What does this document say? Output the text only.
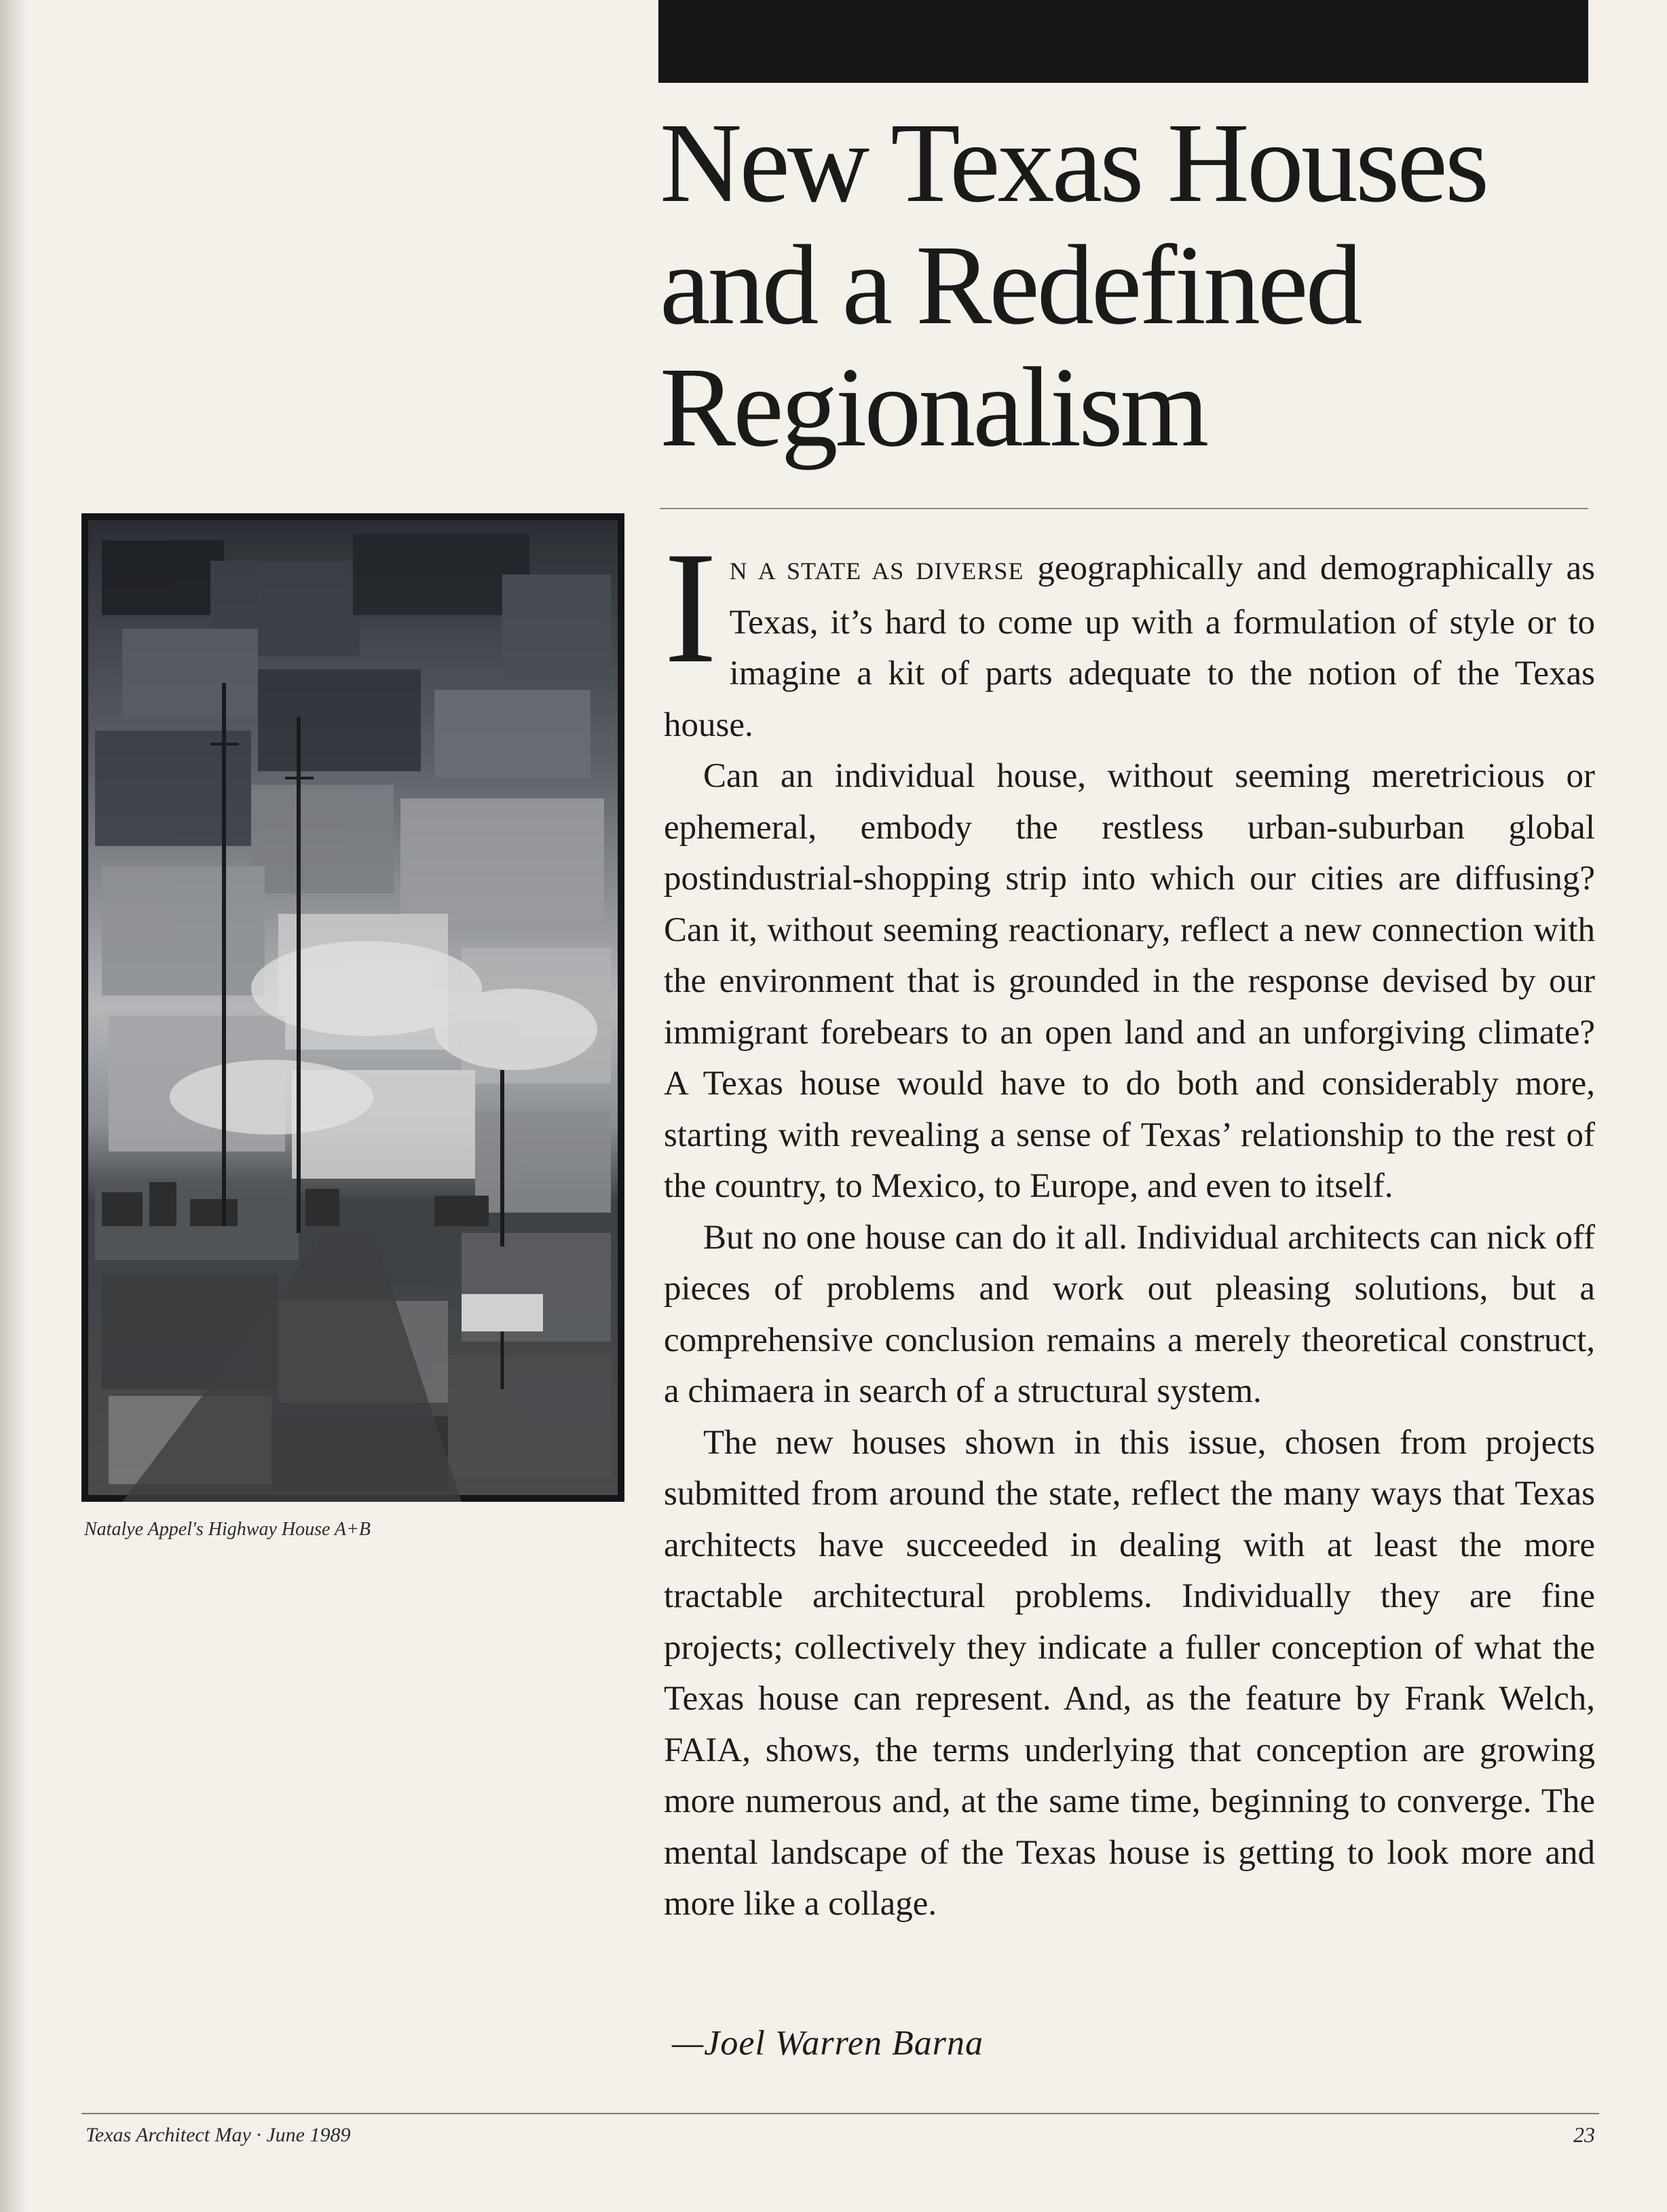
New Texas Houses
and a Redefined
Regionalism
Natalye Appel's Highway House A+B

I N A STATE AS DIVERSE geographically and demographically as Texas, it’s hard to come up with a formulation of style or to imagine a kit of parts adequate to the notion of the Texas house.

Can an individual house, without seeming meretricious or ephemeral, embody the restless urban-suburban global postindustrial-shopping strip into which our cities are diffusing? Can it, without seeming reactionary, reflect a new connection with the environment that is grounded in the response devised by our immigrant forebears to an open land and an unforgiving climate? A Texas house would have to do both and considerably more, starting with revealing a sense of Texas’ relationship to the rest of the country, to Mexico, to Europe, and even to itself.

But no one house can do it all. Individual architects can nick off pieces of problems and work out pleasing solutions, but a comprehensive conclusion remains a merely theoretical construct, a chimaera in search of a structural system.

The new houses shown in this issue, chosen from projects submitted from around the state, reflect the many ways that Texas architects have succeeded in dealing with at least the more tractable architectural problems. Individually they are fine projects; collectively they indicate a fuller conception of what the Texas house can represent. And, as the feature by Frank Welch, FAIA, shows, the terms underlying that conception are growing more numerous and, at the same time, beginning to converge. The mental landscape of the Texas house is getting to look more and more like a collage.

—Joel Warren Barna
Texas Architect May · June 1989	23
